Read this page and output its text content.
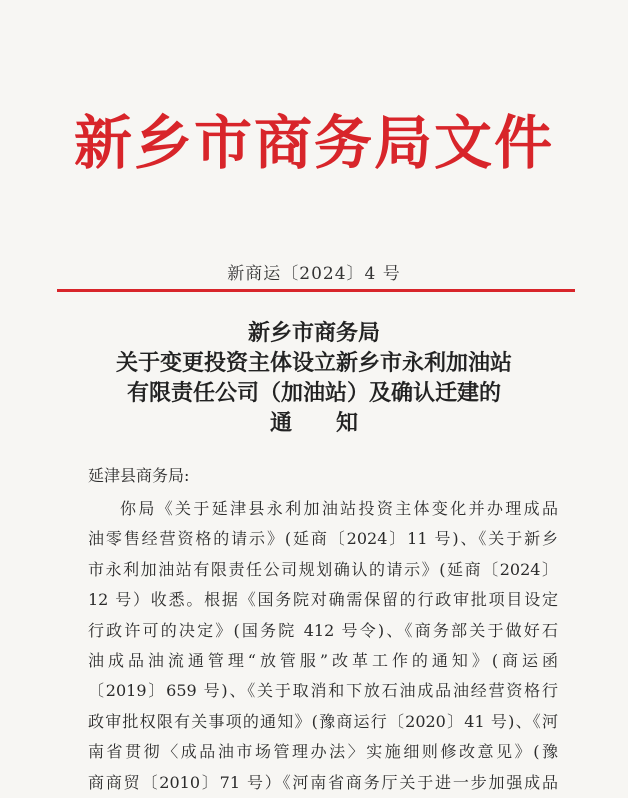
新乡市商务局文件
新商运〔2024〕4 号
新乡市商务局
关于变更投资主体设立新乡市永利加油站
有限责任公司（加油站）及确认迁建的
通　　知
延津县商务局:
你局《关于延津县永利加油站投资主体变化并办理成品
油零售经营资格的请示》(延商〔2024〕11 号)、《关于新乡
市永利加油站有限责任公司规划确认的请示》(延商〔2024〕
12 号）收悉。根据《国务院对确需保留的行政审批项目设定
行政许可的决定》(国务院 412 号令)、《商务部关于做好石
油成品油流通管理“放管服”改革工作的通知》(商运函
〔2019〕659 号)、《关于取消和下放石油成品油经营资格行
政审批权限有关事项的通知》(豫商运行〔2020〕41 号)、《河
南省贯彻〈成品油市场管理办法〉实施细则修改意见》(豫
商商贸〔2010〕71 号）《河南省商务厅关于进一步加强成品
